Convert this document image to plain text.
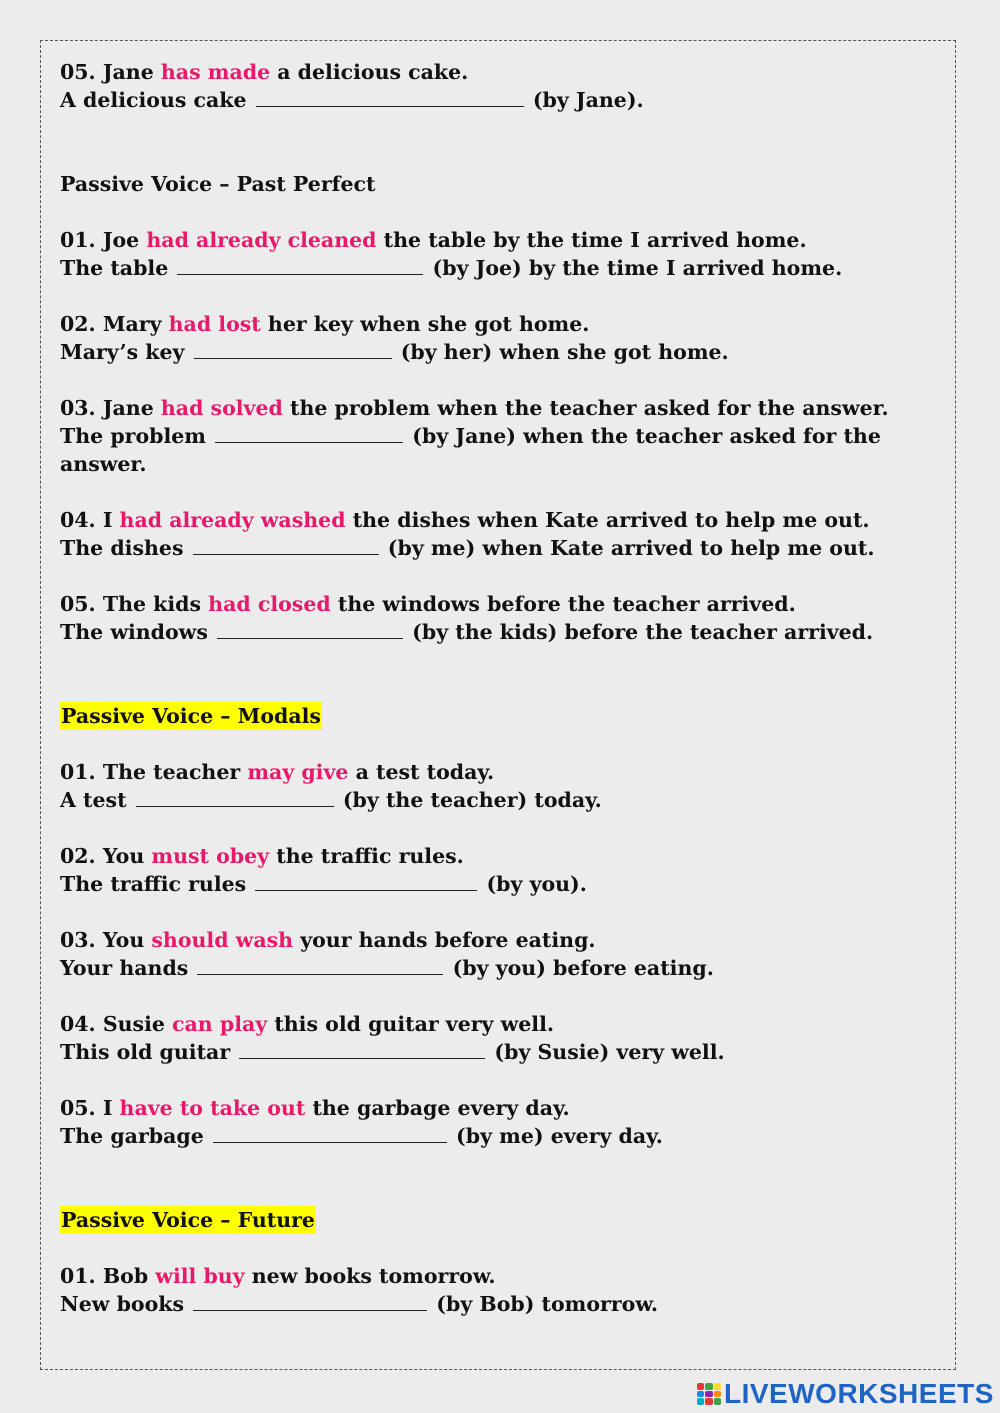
05. Jane has made a delicious cake.
A delicious cake	(by Jane).
Passive Voice – Past Perfect
01. Joe had already cleaned the table by the time I arrived home.
The table	(by Joe) by the time I arrived home.
02. Mary had lost her key when she got home.
Mary’s key	(by her) when she got home.
03. Jane had solved the problem when the teacher asked for the answer.
The problem	(by Jane) when the teacher asked for the answer.
04. I had already washed the dishes when Kate arrived to help me out.
The dishes	(by me) when Kate arrived to help me out.
05. The kids had closed the windows before the teacher arrived.
The windows	(by the kids) before the teacher arrived.
Passive Voice – Modals
01. The teacher may give a test today.
A test	(by the teacher) today.
02. You must obey the traffic rules.
The traffic rules	(by you).
03. You should wash your hands before eating.
Your hands	(by you) before eating.
04. Susie can play this old guitar very well.
This old guitar	(by Susie) very well.
05. I have to take out the garbage every day.
The garbage	(by me) every day.
Passive Voice – Future
01. Bob will buy new books tomorrow.
New books	(by Bob) tomorrow.
LIVEWORKSHEETS
